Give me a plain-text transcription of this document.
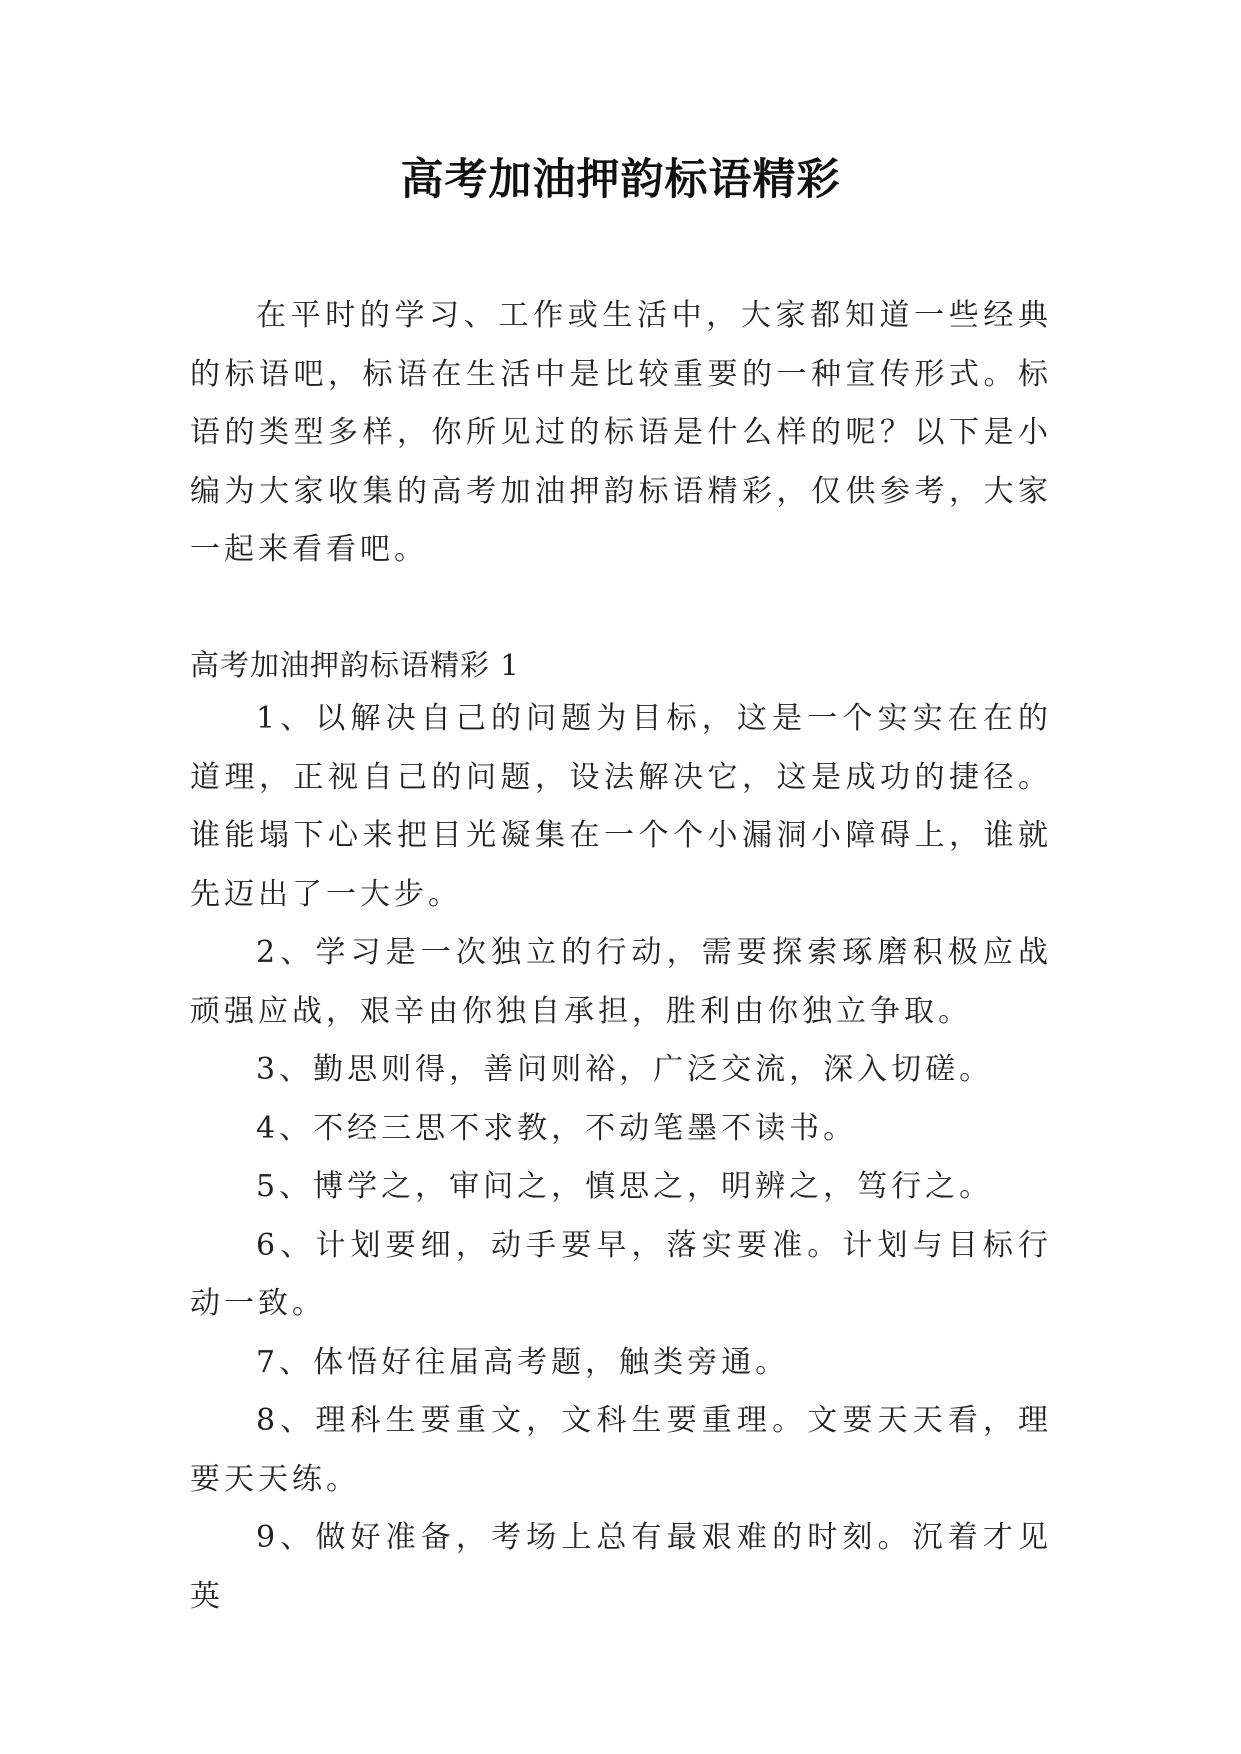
高考加油押韵标语精彩

在平时的学习、工作或生活中，大家都知道一些经典的标语吧，标语在生活中是比较重要的一种宣传形式。标语的类型多样，你所见过的标语是什么样的呢？以下是小编为大家收集的高考加油押韵标语精彩，仅供参考，大家一起来看看吧。

高考加油押韵标语精彩 1
1、以解决自己的问题为目标，这是一个实实在在的道理，正视自己的问题，设法解决它，这是成功的捷径。谁能塌下心来把目光凝集在一个个小漏洞小障碍上，谁就先迈出了一大步。
2、学习是一次独立的行动，需要探索琢磨积极应战顽强应战，艰辛由你独自承担，胜利由你独立争取。
3、勤思则得，善问则裕，广泛交流，深入切磋。
4、不经三思不求教，不动笔墨不读书。
5、博学之，审问之，慎思之，明辨之，笃行之。
6、计划要细，动手要早，落实要准。计划与目标行动一致。
7、体悟好往届高考题，触类旁通。
8、理科生要重文，文科生要重理。文要天天看，理要天天练。
9、做好准备，考场上总有最艰难的时刻。沉着才见英
